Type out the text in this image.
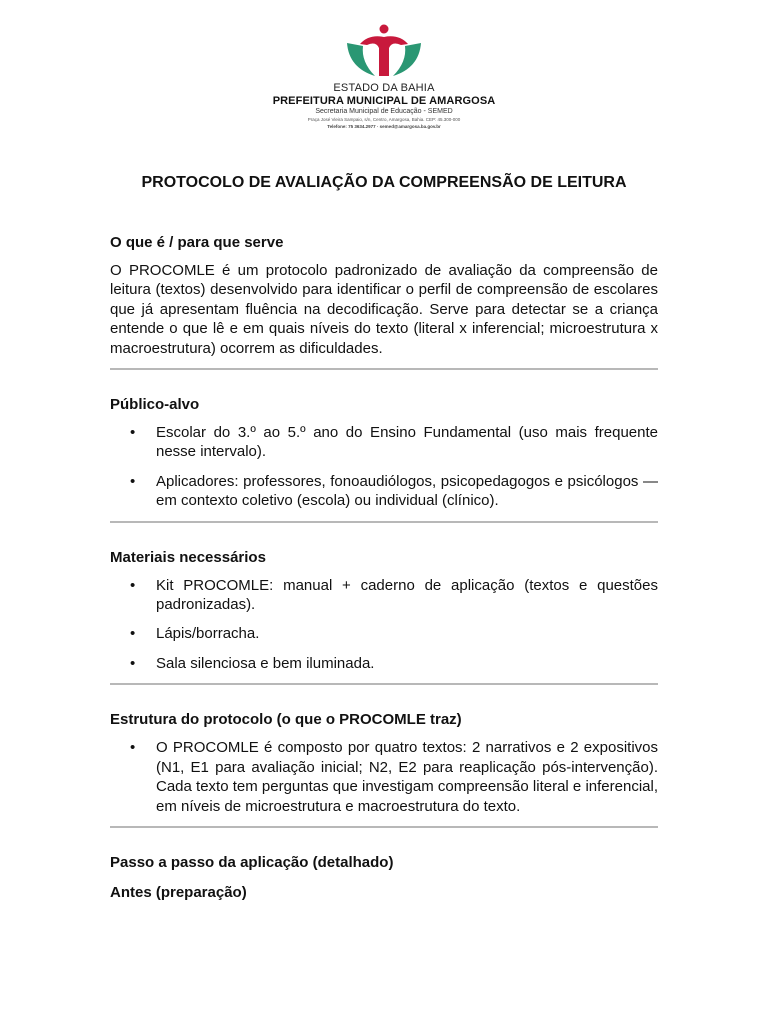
ESTADO DA BAHIA
PREFEITURA MUNICIPAL DE AMARGOSA
Secretaria Municipal de Educação - SEMED
Praça José Vieira Sampaio, s/n, Centro, Amargosa, Bahia. CEP: 45.300-000
Telefone: 75 3634.2977 · semed@amargosa.ba.gov.br
PROTOCOLO DE AVALIAÇÃO DA COMPREENSÃO DE LEITURA
O que é / para que serve

O PROCOMLE é um protocolo padronizado de avaliação da compreensão de leitura (textos) desenvolvido para identificar o perfil de compreensão de escolares que já apresentam fluência na decodificação. Serve para detectar se a criança entende o que lê e em quais níveis do texto (literal x inferencial; microestrutura x macroestrutura) ocorrem as dificuldades.

Público-alvo
• Escolar do 3.º ao 5.º ano do Ensino Fundamental (uso mais frequente nesse intervalo).
• Aplicadores: professores, fonoaudiólogos, psicopedagogos e psicólogos — em contexto coletivo (escola) ou individual (clínico).
Materiais necessários
• Kit PROCOMLE: manual + caderno de aplicação (textos e questões padronizadas).
• Lápis/borracha.
• Sala silenciosa e bem iluminada.
Estrutura do protocolo (o que o PROCOMLE traz)
• O PROCOMLE é composto por quatro textos: 2 narrativos e 2 expositivos (N1, E1 para avaliação inicial; N2, E2 para reaplicação pós-intervenção). Cada texto tem perguntas que investigam compreensão literal e inferencial, em níveis de microestrutura e macroestrutura do texto.
Passo a passo da aplicação (detalhado)
Antes (preparação)
